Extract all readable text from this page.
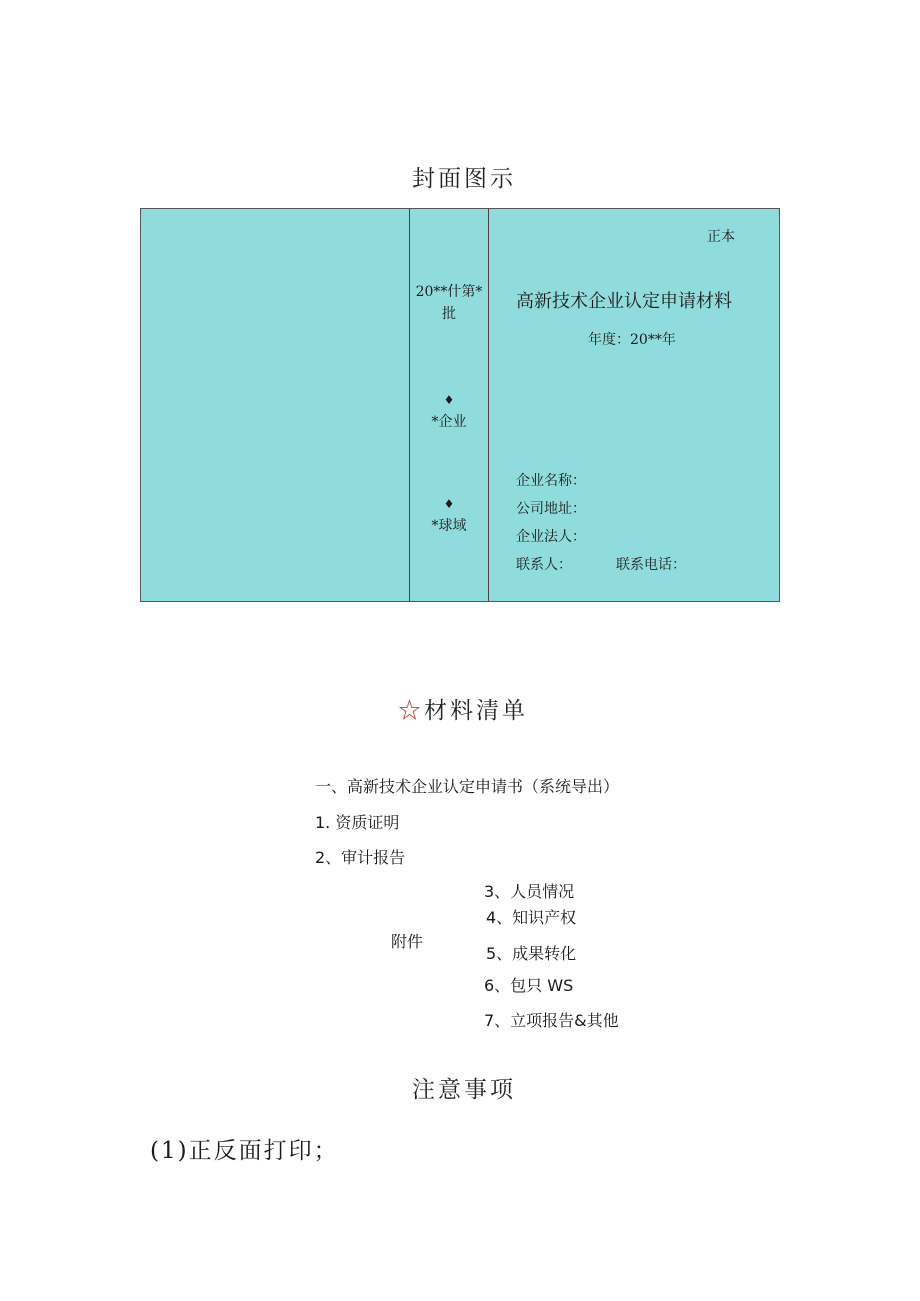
封面图示
20**什第*
批
♦
*企业
♦
*球域
正本
高新技术企业认定申请材料
年度：20**年
企业名称：
公司地址：
企业法人：
联系人：	联系电话：
☆材料清单
一、高新技术企业认定申请书（系统导出）
1. 资质证明
2、审计报告
附件
3、人员情况
4、知识产权
5、成果转化
6、包只 WS
7、立项报告&其他
注意事项
(1)正反面打印；
